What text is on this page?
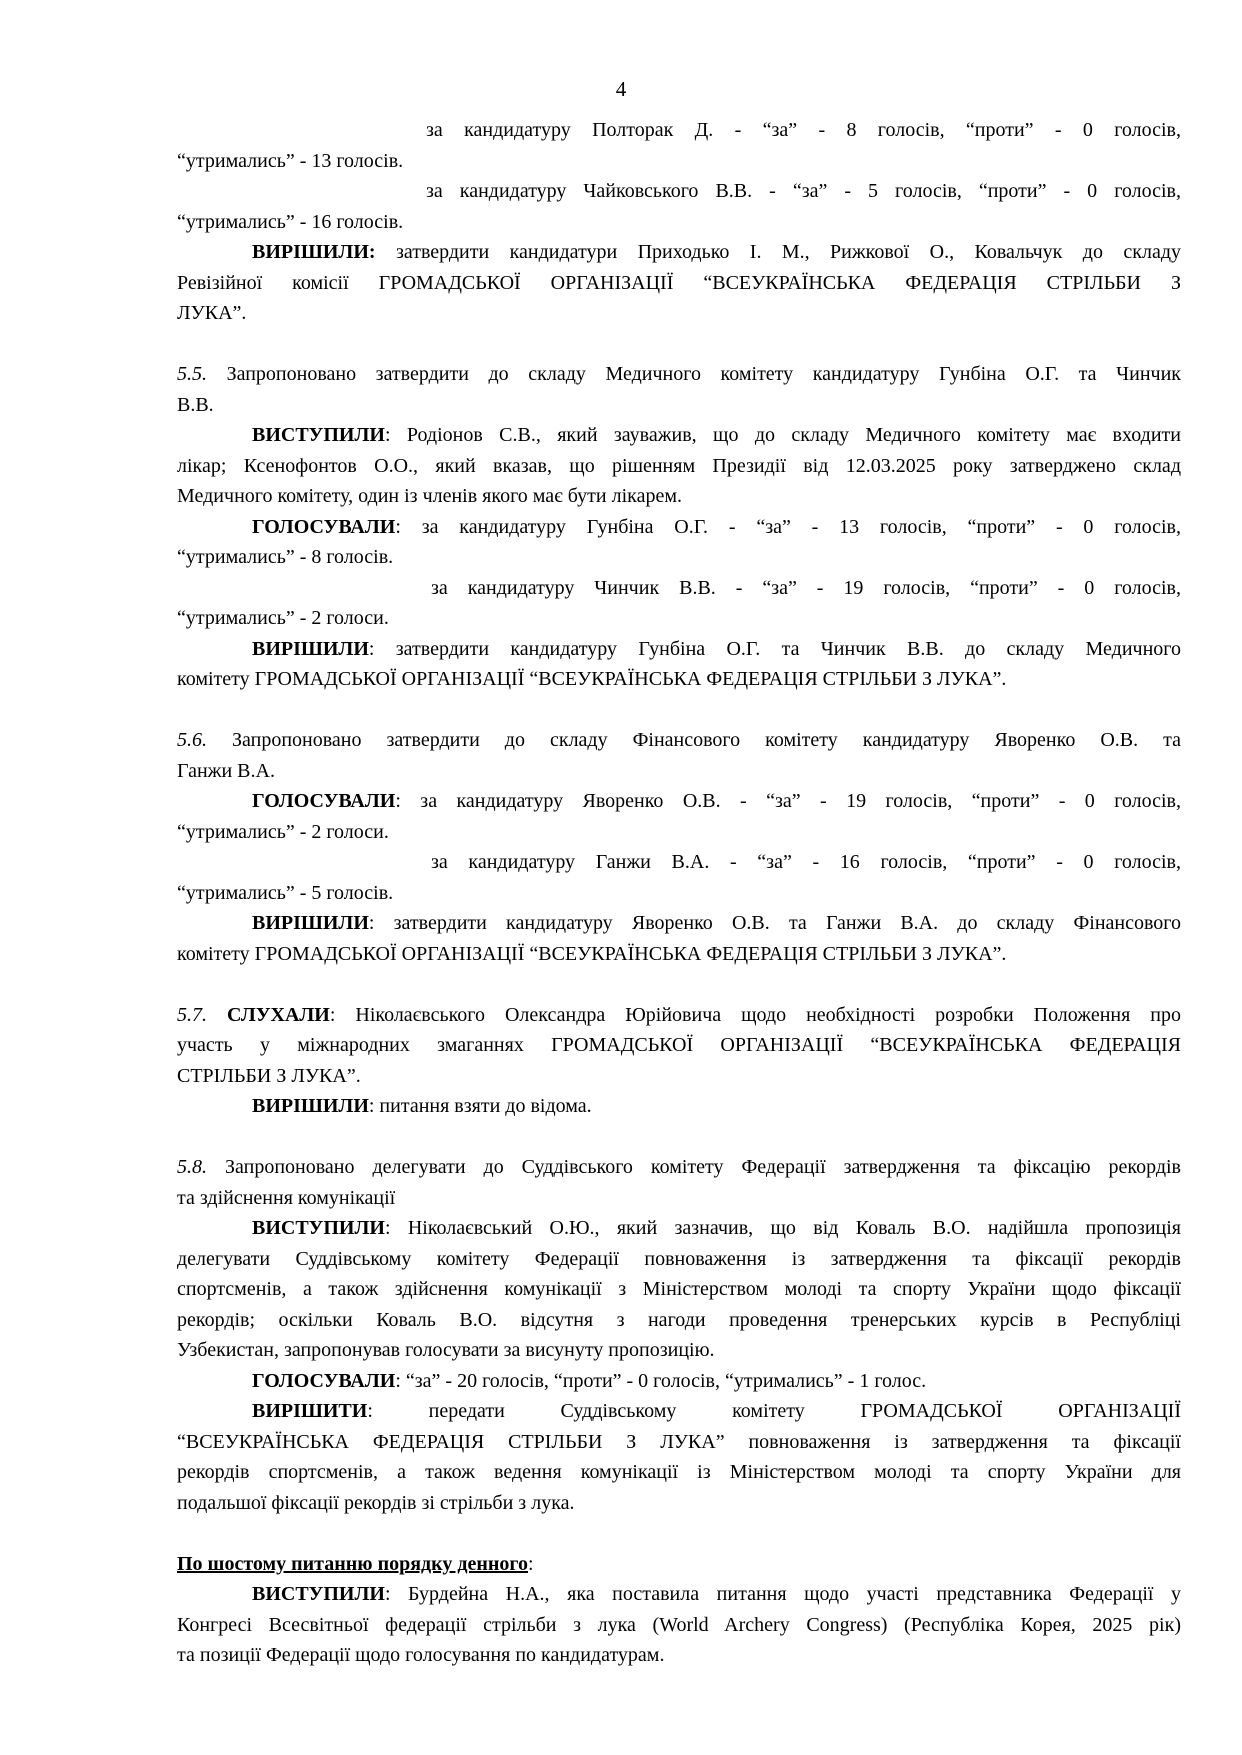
4
за кандидатуру Полторак Д. - “за” - 8 голосів, “проти” - 0 голосів,
“утримались” - 13 голосів.
за кандидатуру Чайковського В.В. - “за” - 5 голосів, “проти” - 0 голосів,
“утримались” - 16 голосів.
ВИРІШИЛИ: затвердити кандидатури Приходько І. М., Рижкової О., Ковальчук до складу
Ревізійної комісії ГРОМАДСЬКОЇ ОРГАНІЗАЦІЇ “ВСЕУКРАЇНСЬКА ФЕДЕРАЦІЯ СТРІЛЬБИ З
ЛУКА”.
5.5. Запропоновано затвердити до складу Медичного комітету кандидатуру Гунбіна О.Г. та Чинчик
В.В.
ВИСТУПИЛИ: Родіонов С.В., який зауважив, що до складу Медичного комітету має входити
лікар; Ксенофонтов О.О., який вказав, що рішенням Президії від 12.03.2025 року затверджено склад
Медичного комітету, один із членів якого має бути лікарем.
ГОЛОСУВАЛИ: за кандидатуру Гунбіна О.Г. - “за” - 13 голосів, “проти” - 0 голосів,
“утримались” - 8 голосів.
за кандидатуру Чинчик В.В. - “за” - 19 голосів, “проти” - 0 голосів,
“утримались” - 2 голоси.
ВИРІШИЛИ: затвердити кандидатуру Гунбіна О.Г. та Чинчик В.В. до складу Медичного
комітету ГРОМАДСЬКОЇ ОРГАНІЗАЦІЇ “ВСЕУКРАЇНСЬКА ФЕДЕРАЦІЯ СТРІЛЬБИ З ЛУКА”.
5.6. Запропоновано затвердити до складу Фінансового комітету кандидатуру Яворенко О.В. та
Ганжи В.А.
ГОЛОСУВАЛИ: за кандидатуру Яворенко О.В. - “за” - 19 голосів, “проти” - 0 голосів,
“утримались” - 2 голоси.
за кандидатуру Ганжи В.А. - “за” - 16 голосів, “проти” - 0 голосів,
“утримались” - 5 голосів.
ВИРІШИЛИ: затвердити кандидатуру Яворенко О.В. та Ганжи В.А. до складу Фінансового
комітету ГРОМАДСЬКОЇ ОРГАНІЗАЦІЇ “ВСЕУКРАЇНСЬКА ФЕДЕРАЦІЯ СТРІЛЬБИ З ЛУКА”.
5.7. СЛУХАЛИ: Ніколаєвського Олександра Юрійовича щодо необхідності розробки Положення про
участь у міжнародних змаганнях ГРОМАДСЬКОЇ ОРГАНІЗАЦІЇ “ВСЕУКРАЇНСЬКА ФЕДЕРАЦІЯ
СТРІЛЬБИ З ЛУКА”.
ВИРІШИЛИ: питання взяти до відома.
5.8. Запропоновано делегувати до Суддівського комітету Федерації затвердження та фіксацію рекордів
та здійснення комунікації
ВИСТУПИЛИ: Ніколаєвський О.Ю., який зазначив, що від Коваль В.О. надійшла пропозиція
делегувати Суддівському комітету Федерації повноваження із затвердження та фіксації рекордів
спортсменів, а також здійснення комунікації з Міністерством молоді та спорту України щодо фіксації
рекордів; оскільки Коваль В.О. відсутня з нагоди проведення тренерських курсів в Республіці
Узбекистан, запропонував голосувати за висунуту пропозицію.
ГОЛОСУВАЛИ: “за” - 20 голосів, “проти” - 0 голосів, “утримались” - 1 голос.
ВИРІШИТИ: передати Суддівському комітету ГРОМАДСЬКОЇ ОРГАНІЗАЦІЇ
“ВСЕУКРАЇНСЬКА ФЕДЕРАЦІЯ СТРІЛЬБИ З ЛУКА” повноваження із затвердження та фіксації
рекордів спортсменів, а також ведення комунікації із Міністерством молоді та спорту України для
подальшої фіксації рекордів зі стрільби з лука.
По шостому питанню порядку денного:
ВИСТУПИЛИ: Бурдейна Н.А., яка поставила питання щодо участі представника Федерації у
Конгресі Всесвітньої федерації стрільби з лука (World Archery Congress) (Республіка Корея, 2025 рік)
та позиції Федерації щодо голосування по кандидатурам.
